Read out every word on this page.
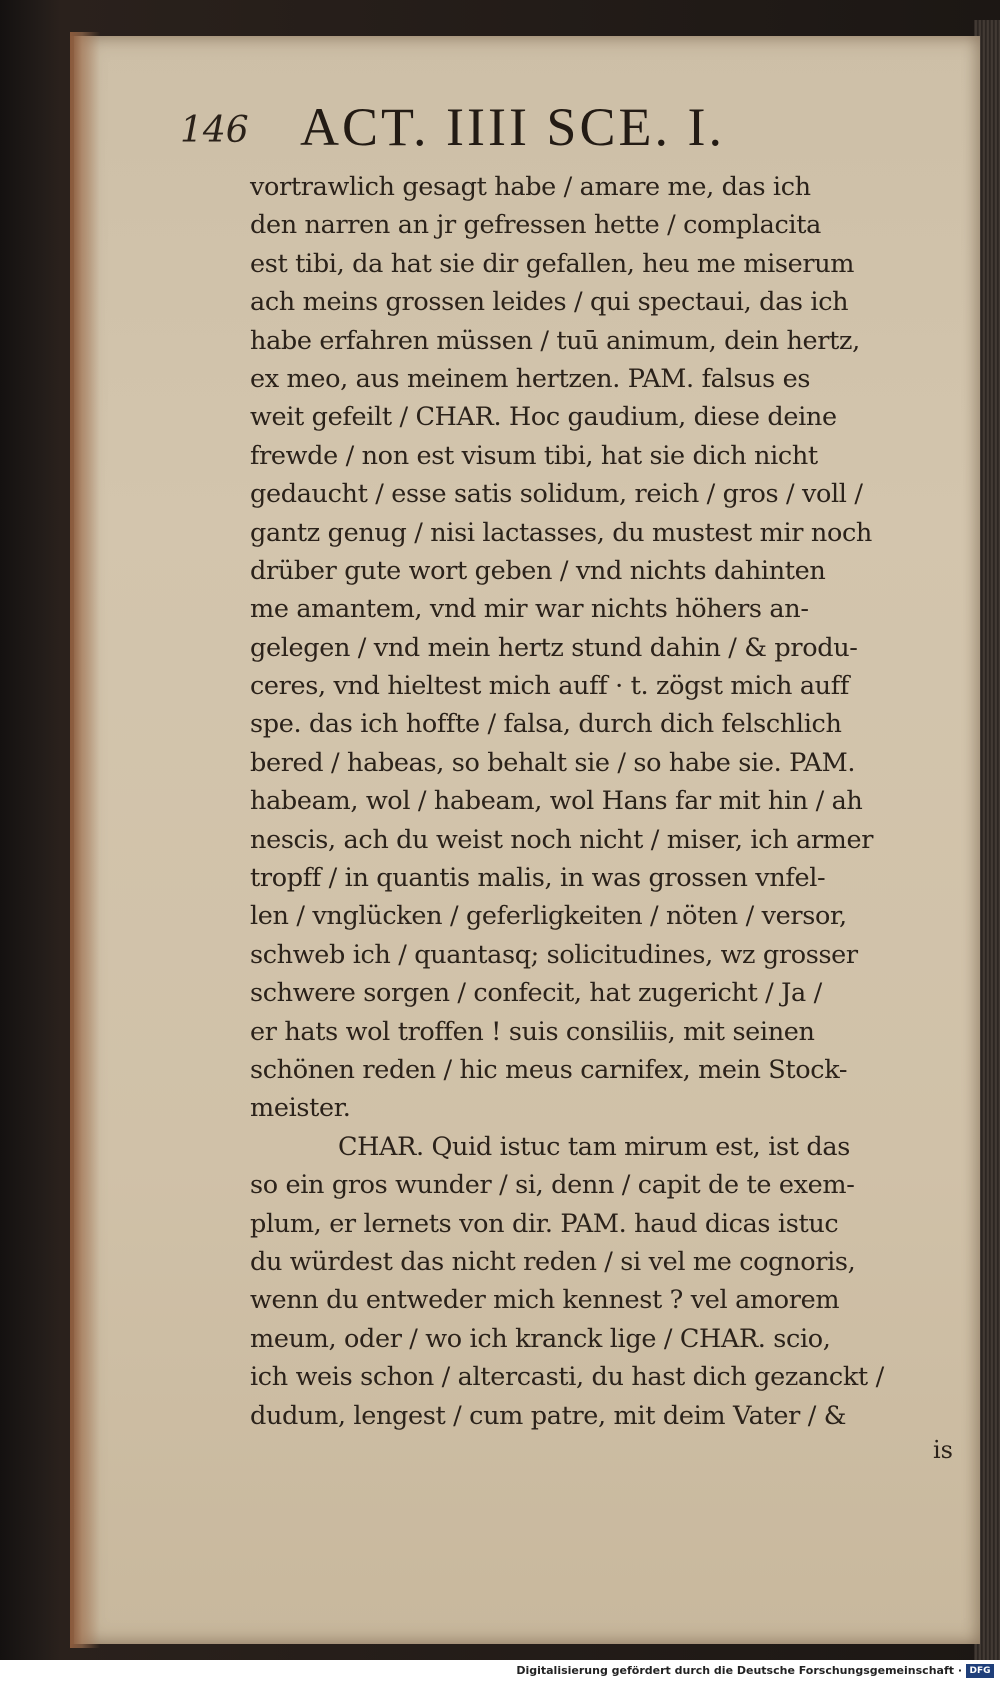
146 ACT. IIII SCE. I.
vortrawlich gesagt habe / amare me, das ich
den narren an jr gefressen hette / complacita
est tibi, da hat sie dir gefallen, heu me miserum
ach meins grossen leides / qui spectaui, das ich
habe erfahren müssen / tuū animum, dein hertz,
ex meo, aus meinem hertzen. PAM. falsus es
weit gefeilt / CHAR. Hoc gaudium, diese deine
frewde / non est visum tibi, hat sie dich nicht
gedaucht / esse satis solidum, reich / gros / voll /
gantz genug / nisi lactasses, du mustest mir noch
drüber gute wort geben / vnd nichts dahinten
me amantem, vnd mir war nichts höhers an-
gelegen / vnd mein hertz stund dahin / & produ-
ceres, vnd hieltest mich auff · t. zögst mich auff
spe. das ich hoffte / falsa, durch dich felschlich
bered / habeas, so behalt sie / so habe sie. PAM.
habeam, wol / habeam, wol Hans far mit hin / ah
nescis, ach du weist noch nicht / miser, ich armer
tropff / in quantis malis, in was grossen vnfel-
len / vnglücken / geferligkeiten / nöten / versor,
schweb ich / quantasq; solicitudines, wz grosser
schwere sorgen / confecit, hat zugericht / Ja /
er hats wol troffen ! suis consiliis, mit seinen
schönen reden / hic meus carnifex, mein Stock-
meister.
CHAR. Quid istuc tam mirum est, ist das
so ein gros wunder / si, denn / capit de te exem-
plum, er lernets von dir. PAM. haud dicas istuc
du würdest das nicht reden / si vel me cognoris,
wenn du entweder mich kennest ? vel amorem
meum, oder / wo ich kranck lige / CHAR. scio,
ich weis schon / altercasti, du hast dich gezanckt /
dudum, lengest / cum patre, mit deim Vater / &
is
Digitalisierung gefördert durch die Deutsche Forschungsgemeinschaft · DFG
